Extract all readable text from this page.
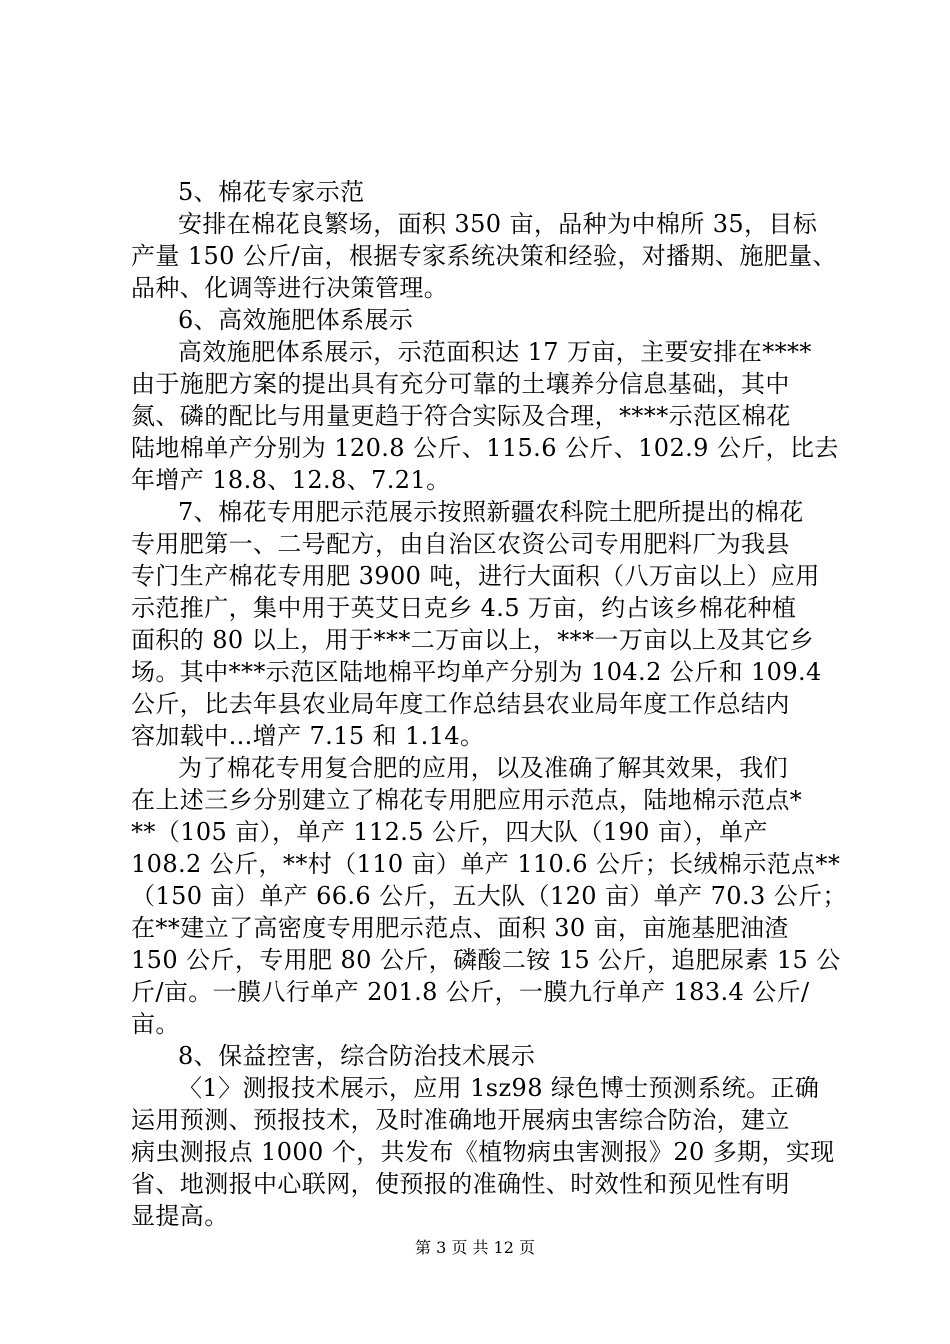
5、棉花专家示范
安排在棉花良繁场，面积 350 亩，品种为中棉所 35，目标
产量 150 公斤/亩，根据专家系统决策和经验，对播期、施肥量、
品种、化调等进行决策管理。
6、高效施肥体系展示
高效施肥体系展示，示范面积达 17 万亩，主要安排在****
由于施肥方案的提出具有充分可靠的土壤养分信息基础，其中
氮、磷的配比与用量更趋于符合实际及合理，****示范区棉花
陆地棉单产分别为 120.8 公斤、115.6 公斤、102.9 公斤，比去
年增产 18.8、12.8、7.21。
7、棉花专用肥示范展示按照新疆农科院土肥所提出的棉花
专用肥第一、二号配方，由自治区农资公司专用肥料厂为我县
专门生产棉花专用肥 3900 吨，进行大面积（八万亩以上）应用
示范推广，集中用于英艾日克乡 4.5 万亩，约占该乡棉花种植
面积的 80 以上，用于***二万亩以上，***一万亩以上及其它乡
场。其中***示范区陆地棉平均单产分别为 104.2 公斤和 109.4
公斤，比去年县农业局年度工作总结县农业局年度工作总结内
容加载中...增产 7.15 和 1.14。
为了棉花专用复合肥的应用，以及准确了解其效果，我们
在上述三乡分别建立了棉花专用肥应用示范点，陆地棉示范点*
**（105 亩），单产 112.5 公斤，四大队（190 亩），单产
108.2 公斤，**村（110 亩）单产 110.6 公斤；长绒棉示范点**
（150 亩）单产 66.6 公斤，五大队（120 亩）单产 70.3 公斤；
在**建立了高密度专用肥示范点、面积 30 亩，亩施基肥油渣
150 公斤，专用肥 80 公斤，磷酸二铵 15 公斤，追肥尿素 15 公
斤/亩。一膜八行单产 201.8 公斤，一膜九行单产 183.4 公斤/
亩。
8、保益控害，综合防治技术展示
〈1〉测报技术展示，应用 1sz98 绿色博士预测系统。正确
运用预测、预报技术，及时准确地开展病虫害综合防治，建立
病虫测报点 1000 个，共发布《植物病虫害测报》20 多期，实现
省、地测报中心联网，使预报的准确性、时效性和预见性有明
显提高。
第 3 页 共 12 页
